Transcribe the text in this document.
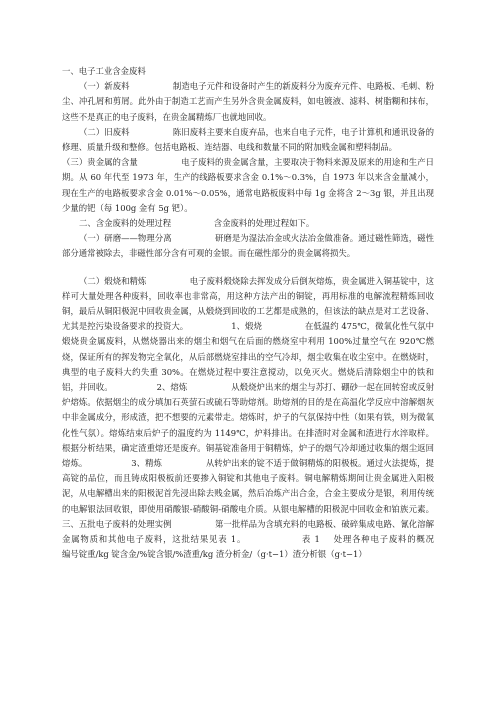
一、电子工业含金废料

（一）新废料                制造电子元件和设备时产生的新废料分为废弃元件、电路板、毛刺、粉尘、冲孔屑和剪屑。此外由于制造工艺而产生另外含贵金属废料，如电镀液、滤料、树脂糊和抹布，这些不是真正的电子废料，在贵金属精炼厂也就地回收。

（二）旧废料                陈旧废料主要来自废弃品，也来自电子元件，电子计算机和通讯设备的修理、质量升级和整修。包括电路板、连结器、电线和数量不同的附加贱金属和塑料制品。

（三）贵金属的含量                电子废料的贵金属含量，主要取决于物料来源及原来的用途和生产日期。从 60 年代至 1973 年，生产的线路板要求含金 0.1%～0.3%，自 1973 年以来含金量减小，现在生产的电路板要求含金 0.01%～0.05%，通常电路板废料中每 1g 金将含 2～3g 银，并且出现少量的钯（每 100g 金有 5g 钯）。

二、含金废料的处理过程                含金废料的处理过程如下。

（一）研磨——物理分离                研磨是为湿法冶金或火法冶金做准备。通过磁性筛选，磁性部分通常被除去，非磁性部分含有可观的金银。而在磁性部分的贵金属将损失。

（二）煅烧和精炼                电子废料煅烧除去挥发成分后倒灰熔炼，贵金属进入铜基锭中，这样可大量处理各种废料，回收率也非常高，用这种方法产出的铜锭，再用标准的电解流程精炼回收铜，最后从铜阳极泥中回收贵金属，从煅烧到回收的工艺都是成熟的，但该法的缺点是对工艺设备、尤其是控污染设备要求的投资大。                1、煅烧                在低温约 475℃，微氧化性气氛中煅烧贵金属废料，从燃烧器出来的烟尘和烟气在后面的燃烧室中利用 100%过量空气在 920℃燃烧，保证所有的挥发物完全氧化，从后部燃烧室排出的空气冷却，烟尘收集在收尘室中。在燃烧时，典型的电子废料大约失重 30%。在燃烧过程中要注意搅动，以免灭火。燃烧后清除烟尘中的铁和铝，并回收。                2、熔炼                从煅烧炉出来的烟尘与苏打、硼砂一起在回转窑或反射炉熔炼。依据烟尘的成分填加石英萤石或硫石等助熔剂。助熔剂的目的是在高温化学反应中溶解烟灰中非金属成分，形成渣，把不想要的元素带走。熔炼时，炉子的气氛保持中性（如果有铁，则为微氧化性气氛）。熔炼结束后炉子的温度约为 1149℃，炉料排出。在排渣时对金属和渣进行水淬取样。根据分析结果，确定渣重熔还是废弃。铜基锭准备用于铜精炼，炉子的烟气冷却通过收集的烟尘返回熔炼。                3、精炼                从转炉出来的锭不适于做铜精炼的阳极板。通过火法提炼，提高锭的品位，而且铸成阳极板前还要掺入铜锭和其他电子废料。铜电解精炼期间让贵金属进入阳极泥，从电解槽出来的阳极泥首先浸出除去贱金属，然后冶炼产出合金，合金主要成分是银，利用传统的电解银法回收银，即使用硝酸银-硝酸铜-硝酸电介质。从银电解槽的阳极泥中回收金和铂族元素。                三、五批电子废料的处理实例                第一批样品为含填充料的电路板、破碎集成电路、氰化溶解金属物质和其他电子废料，这批结果见表 1。                表 1    处理各种电子废料的概况                编号锭重/kg 锭含金/%锭含银/%渣重/kg 渣分析金/（g·t−1）渣分析银（g·t−1）
